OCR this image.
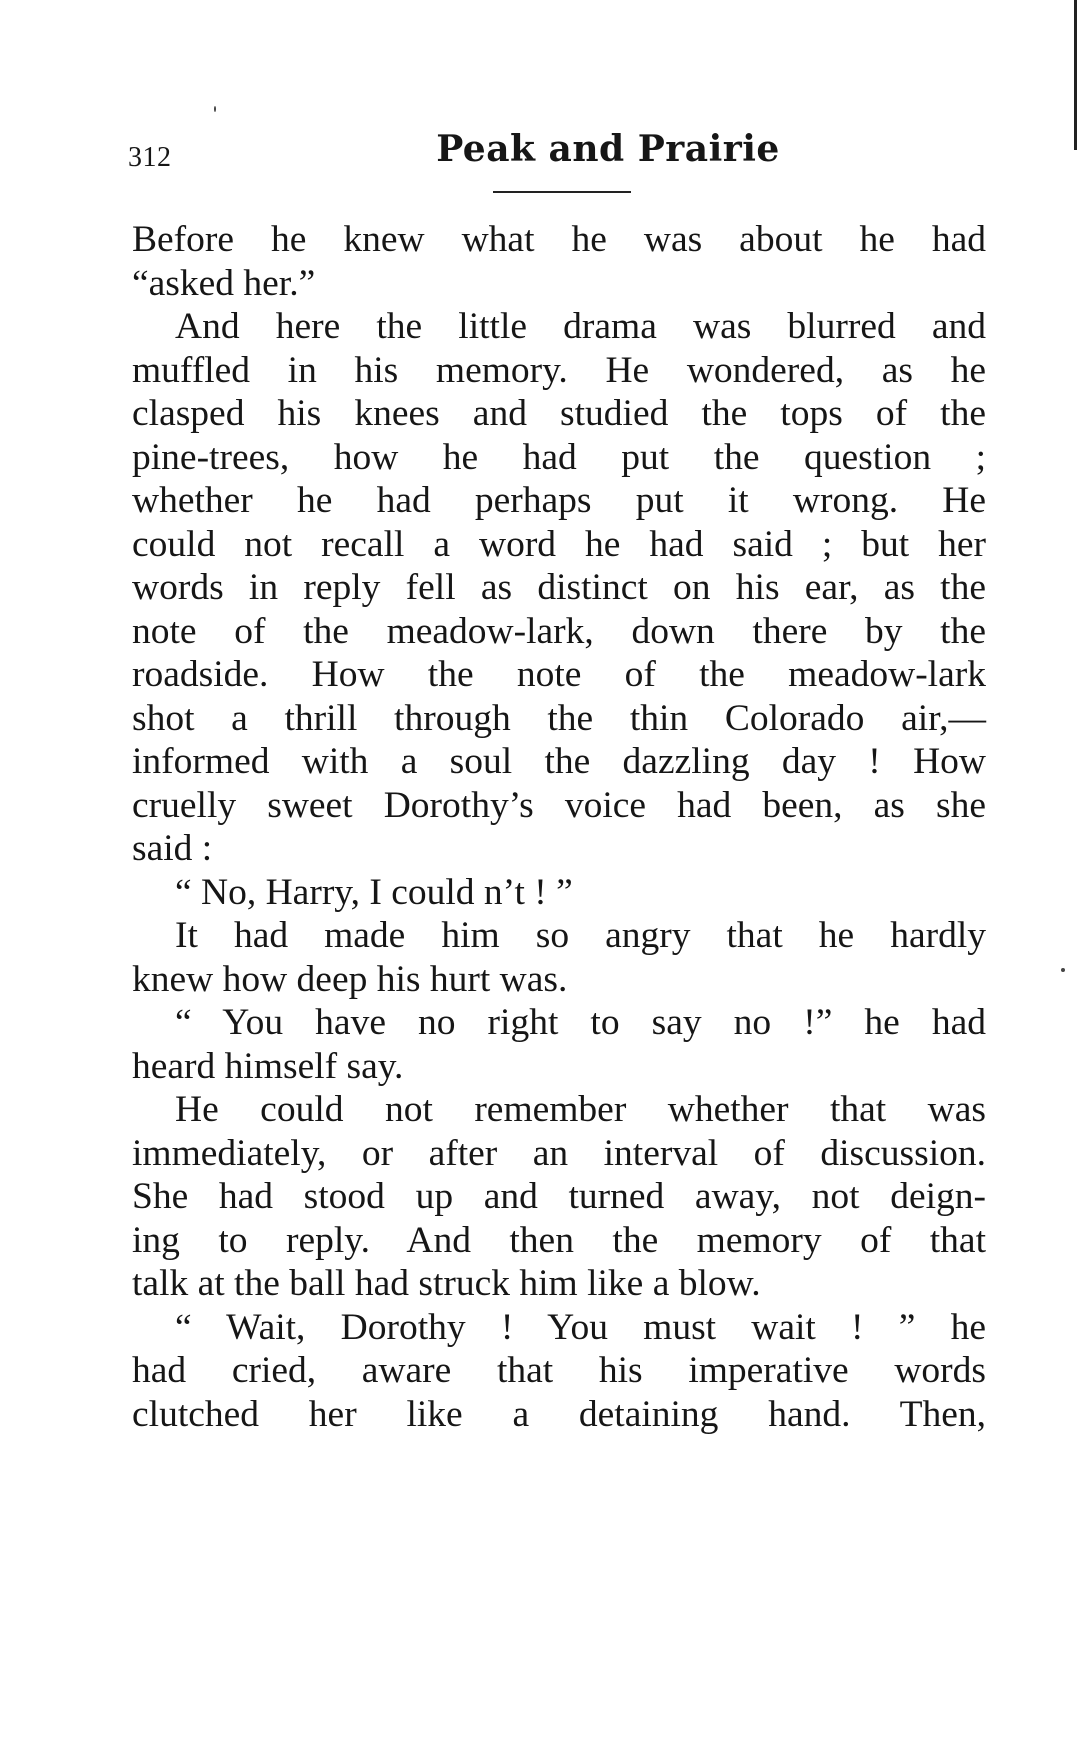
312	Peak and Prairie
Before he knew what he was about he had
“asked her.”
And here the little drama was blurred and
muffled in his memory. He wondered, as he
clasped his knees and studied the tops of the
pine-trees, how he had put the question ;
whether he had perhaps put it wrong. He
could not recall a word he had said ; but her
words in reply fell as distinct on his ear, as the
note of the meadow-lark, down there by the
roadside. How the note of the meadow-lark
shot a thrill through the thin Colorado air,—
informed with a soul the dazzling day ! How
cruelly sweet Dorothy’s voice had been, as she
said :
“ No, Harry, I could n’t ! ”
It had made him so angry that he hardly
knew how deep his hurt was.
“ You have no right to say no !” he had
heard himself say.
He could not remember whether that was
immediately, or after an interval of discussion.
She had stood up and turned away, not deign-
ing to reply. And then the memory of that
talk at the ball had struck him like a blow.
“ Wait, Dorothy ! You must wait ! ” he
had cried, aware that his imperative words
clutched her like a detaining hand. Then,
